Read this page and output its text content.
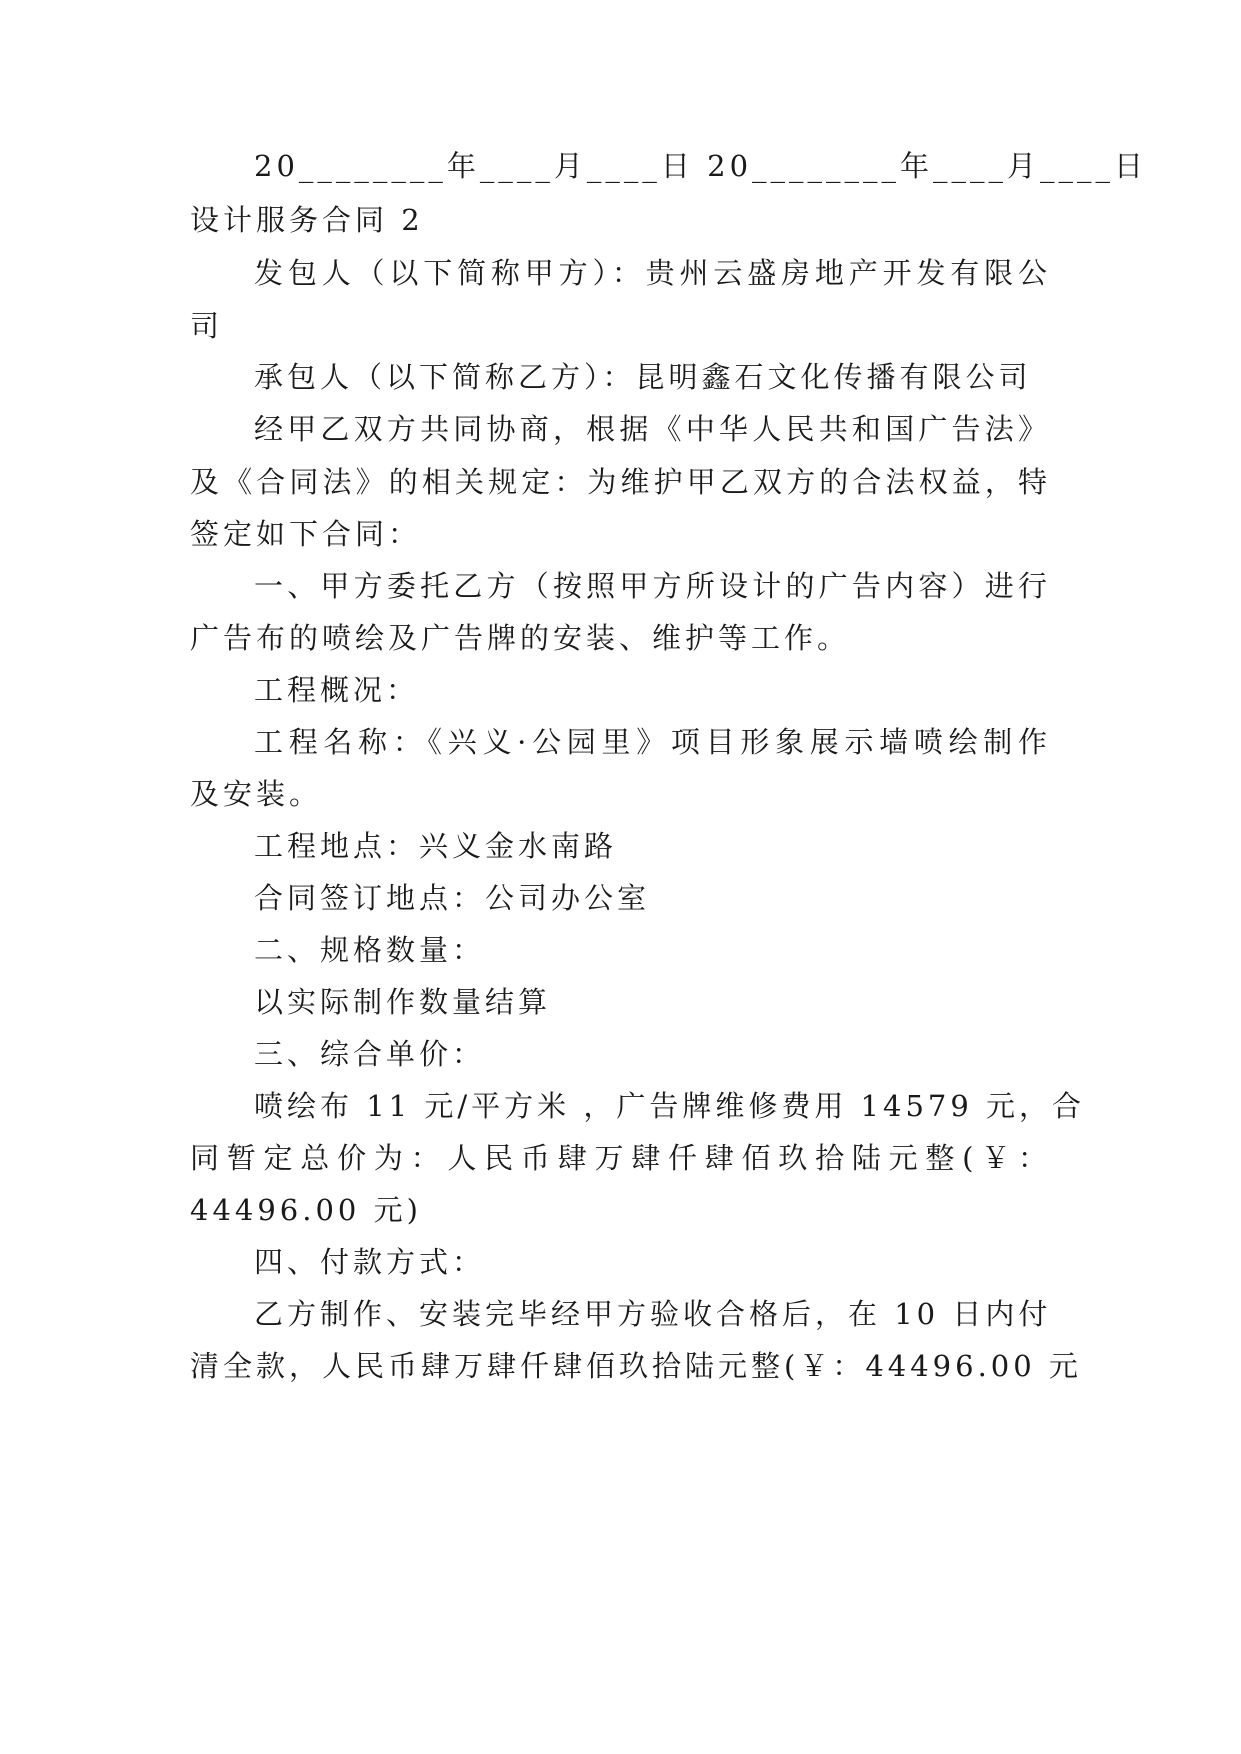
20________年____月____日 20________年____月____日
设计服务合同 2
发包人（以下简称甲方）：贵州云盛房地产开发有限公
司
承包人（以下简称乙方）：昆明鑫石文化传播有限公司
经甲乙双方共同协商，根据《中华人民共和国广告法》
及《合同法》的相关规定：为维护甲乙双方的合法权益，特
签定如下合同：
一、甲方委托乙方（按照甲方所设计的广告内容）进行
广告布的喷绘及广告牌的安装、维护等工作。
工程概况：
工程名称：《兴义·公园里》项目形象展示墙喷绘制作
及安装。
工程地点：兴义金水南路
合同签订地点：公司办公室
二、规格数量：
以实际制作数量结算
三、综合单价：
喷绘布 11 元/平方米 ，广告牌维修费用 14579 元，合
同暂定总价为：人民币肆万肆仟肆佰玖拾陆元整(￥：
44496.00 元)
四、付款方式：
乙方制作、安装完毕经甲方验收合格后，在 10 日内付
清全款，人民币肆万肆仟肆佰玖拾陆元整(￥：44496.00 元
